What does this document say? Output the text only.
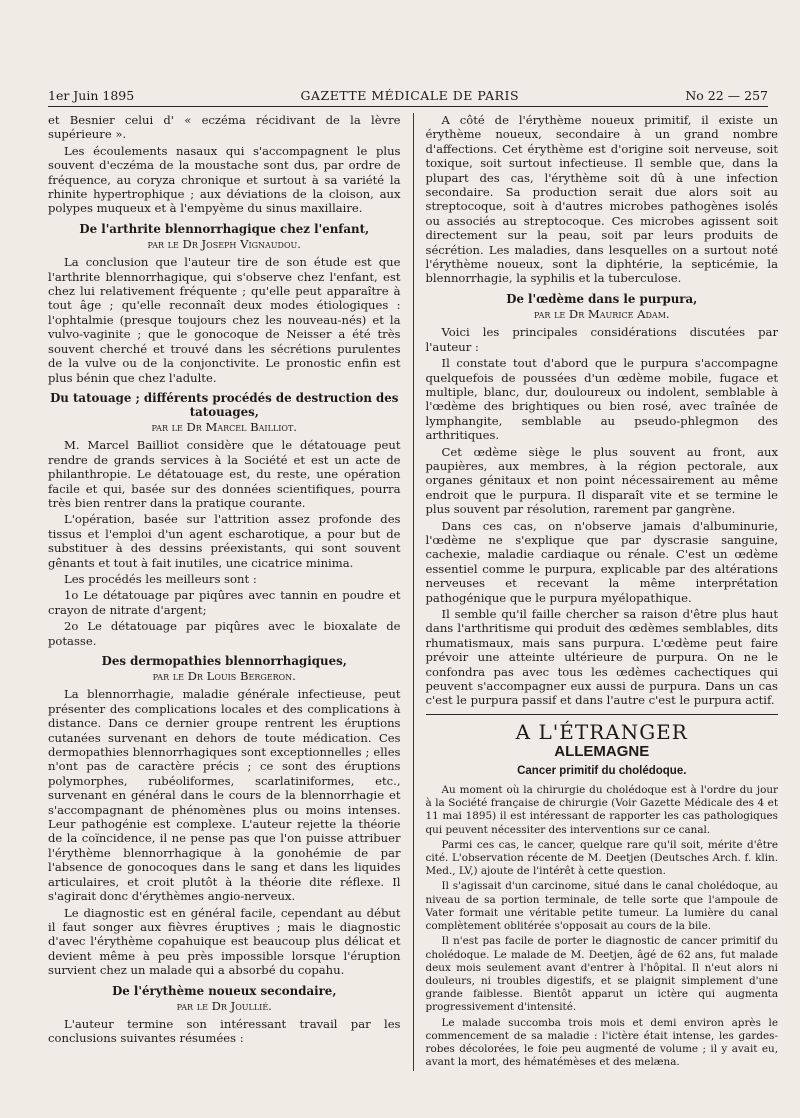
1er Juin 1895	GAZETTE MÉDICALE DE PARIS	No 22 — 257

et Besnier celui d' « eczéma récidivant de la lèvre supérieure ».

Les écoulements nasaux qui s'accompagnent le plus souvent d'eczéma de la moustache sont dus, par ordre de fréquence, au coryza chronique et surtout à sa variété la rhinite hypertrophique ; aux déviations de la cloison, aux polypes muqueux et à l'empyème du sinus maxillaire.

De l'arthrite blennorrhagique chez l'enfant,

par le Dr Joseph Vignaudou.

La conclusion que l'auteur tire de son étude est que l'arthrite blennorrhagique, qui s'observe chez l'enfant, est chez lui relativement fréquente ; qu'elle peut apparaître à tout âge ; qu'elle reconnaît deux modes étiologiques : l'ophtalmie (presque toujours chez les nouveau-nés) et la vulvo-vaginite ; que le gonocoque de Neisser a été très souvent cherché et trouvé dans les sécrétions purulentes de la vulve ou de la conjonctivite. Le pronostic enfin est plus bénin que chez l'adulte.

Du tatouage ; différents procédés de destruction des tatouages,

par le Dr Marcel Bailliot.

M. Marcel Bailliot considère que le détatouage peut rendre de grands services à la Société et est un acte de philanthropie. Le détatouage est, du reste, une opération facile et qui, basée sur des données scientifiques, pourra très bien rentrer dans la pratique courante.

L'opération, basée sur l'attrition assez profonde des tissus et l'emploi d'un agent escharotique, a pour but de substituer à des dessins préexistants, qui sont souvent gênants et tout à fait inutiles, une cicatrice minima.

Les procédés les meilleurs sont :

1o Le détatouage par piqûres avec tannin en poudre et crayon de nitrate d'argent;

2o Le détatouage par piqûres avec le bioxalate de potasse.

Des dermopathies blennorrhagiques,

par le Dr Louis Bergeron.

La blennorrhagie, maladie générale infectieuse, peut présenter des complications locales et des complications à distance. Dans ce dernier groupe rentrent les éruptions cutanées survenant en dehors de toute médication. Ces dermopathies blennorrhagiques sont exceptionnelles ; elles n'ont pas de caractère précis ; ce sont des éruptions polymorphes, rubéoliformes, scarlatiniformes, etc., survenant en général dans le cours de la blennorrhagie et s'accompagnant de phénomènes plus ou moins intenses. Leur pathogénie est complexe. L'auteur rejette la théorie de la coïncidence, il ne pense pas que l'on puisse attribuer l'érythème blennorrhagique à la gonohémie de par l'absence de gonocoques dans le sang et dans les liquides articulaires, et croit plutôt à la théorie dite réflexe. Il s'agirait donc d'érythèmes angio-nerveux.

Le diagnostic est en général facile, cependant au début il faut songer aux fièvres éruptives ; mais le diagnostic d'avec l'érythème copahuique est beaucoup plus délicat et devient même à peu près impossible lorsque l'éruption survient chez un malade qui a absorbé du copahu.

De l'érythème noueux secondaire,

par le Dr Joullié.

L'auteur termine son intéressant travail par les conclusions suivantes résumées :

A côté de l'érythème noueux primitif, il existe un érythème noueux, secondaire à un grand nombre d'affections. Cet érythème est d'origine soit nerveuse, soit toxique, soit surtout infectieuse. Il semble que, dans la plupart des cas, l'érythème soit dû à une infection secondaire. Sa production serait due alors soit au streptocoque, soit à d'autres microbes pathogènes isolés ou associés au streptocoque. Ces microbes agissent soit directement sur la peau, soit par leurs produits de sécrétion. Les maladies, dans lesquelles on a surtout noté l'érythème noueux, sont la diphtérie, la septicémie, la blennorrhagie, la syphilis et la tuberculose.

De l'œdème dans le purpura,

par le Dr Maurice Adam.

Voici les principales considérations discutées par l'auteur :

Il constate tout d'abord que le purpura s'accompagne quelquefois de poussées d'un œdème mobile, fugace et multiple, blanc, dur, douloureux ou indolent, semblable à l'œdème des brightiques ou bien rosé, avec traînée de lymphangite, semblable au pseudo-phlegmon des arthritiques.

Cet œdème siège le plus souvent au front, aux paupières, aux membres, à la région pectorale, aux organes génitaux et non point nécessairement au même endroit que le purpura. Il disparaît vite et se termine le plus souvent par résolution, rarement par gangrène.

Dans ces cas, on n'observe jamais d'albuminurie, l'œdème ne s'explique que par dyscrasie sanguine, cachexie, maladie cardiaque ou rénale. C'est un œdème essentiel comme le purpura, explicable par des altérations nerveuses et recevant la même interprétation pathogénique que le purpura myélopathique.

Il semble qu'il faille chercher sa raison d'être plus haut dans l'arthritisme qui produit des œdèmes semblables, dits rhumatismaux, mais sans purpura. L'œdème peut faire prévoir une atteinte ultérieure de purpura. On ne le confondra pas avec tous les œdèmes cachectiques qui peuvent s'accompagner eux aussi de purpura. Dans un cas c'est le purpura passif et dans l'autre c'est le purpura actif.

A L'ÉTRANGER
ALLEMAGNE
Cancer primitif du cholédoque.

Au moment où la chirurgie du cholédoque est à l'ordre du jour à la Société française de chirurgie (Voir Gazette Médicale des 4 et 11 mai 1895) il est intéressant de rapporter les cas pathologiques qui peuvent nécessiter des interventions sur ce canal.

Parmi ces cas, le cancer, quelque rare qu'il soit, mérite d'être cité. L'observation récente de M. Deetjen (Deutsches Arch. f. klin. Med., LV,) ajoute de l'intérêt à cette question.

Il s'agissait d'un carcinome, situé dans le canal cholédoque, au niveau de sa portion terminale, de telle sorte que l'ampoule de Vater formait une véritable petite tumeur. La lumière du canal complètement oblitérée s'opposait au cours de la bile.

Il n'est pas facile de porter le diagnostic de cancer primitif du cholédoque. Le malade de M. Deetjen, âgé de 62 ans, fut malade deux mois seulement avant d'entrer à l'hôpital. Il n'eut alors ni douleurs, ni troubles digestifs, et se plaignit simplement d'une grande faiblesse. Bientôt apparut un ictère qui augmenta progressivement d'intensité.

Le malade succomba trois mois et demi environ après le commencement de sa maladie : l'ictère était intense, les gardes-robes décolorées, le foie peu augmenté de volume ; il y avait eu, avant la mort, des hématémèses et des melæna.
